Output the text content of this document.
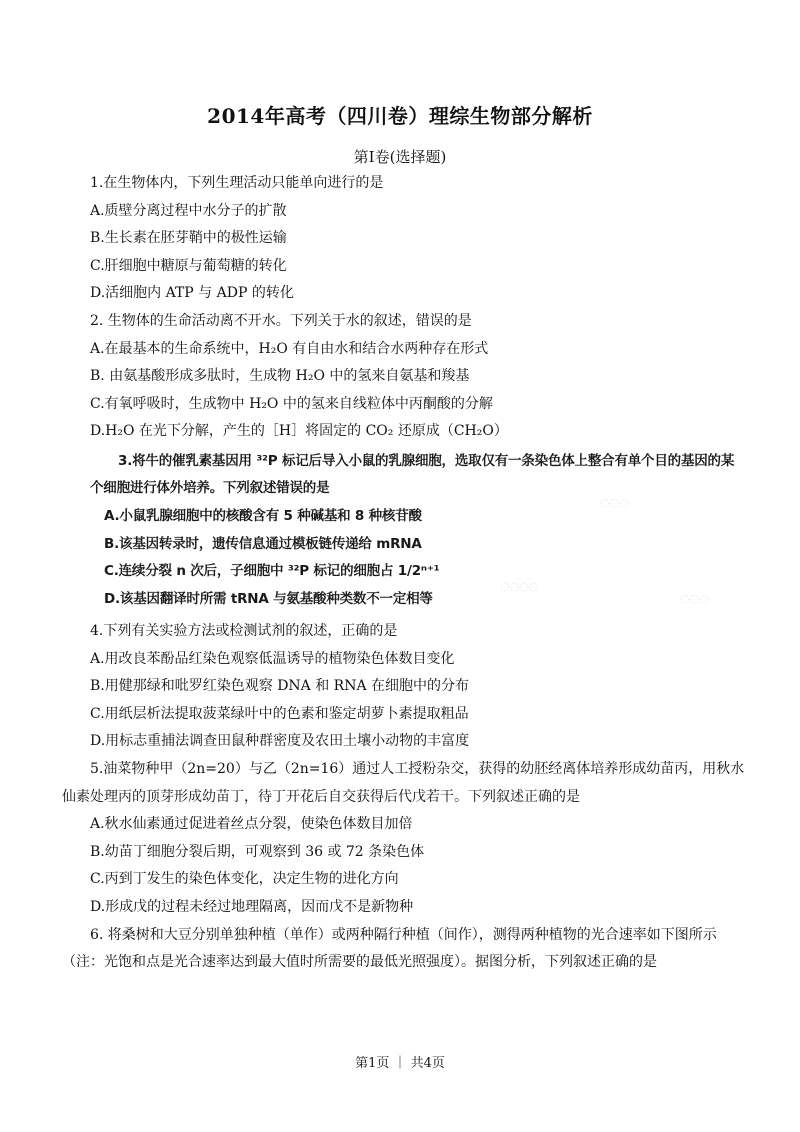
2014年高考（四川卷）理综生物部分解析
第Ⅰ卷(选择题)
1.在生物体内，下列生理活动只能单向进行的是
A.质壁分离过程中水分子的扩散
B.生长素在胚芽鞘中的极性运输
C.肝细胞中糖原与葡萄糖的转化
D.活细胞内 ATP 与 ADP 的转化
2. 生物体的生命活动离不开水。下列关于水的叙述，错误的是
A.在最基本的生命系统中，H₂O 有自由水和结合水两种存在形式
B. 由氨基酸形成多肽时，生成物 H₂O 中的氢来自氨基和羧基
C.有氧呼吸时，生成物中 H₂O 中的氢来自线粒体中丙酮酸的分解
D.H₂O 在光下分解，产生的［H］将固定的 CO₂ 还原成（CH₂O）
3.将牛的催乳素基因用 ³²P 标记后导入小鼠的乳腺细胞，选取仅有一条染色体上整合有单个目的基因的某
个细胞进行体外培养。下列叙述错误的是
A.小鼠乳腺细胞中的核酸含有 5 种碱基和 8 种核苷酸
B.该基因转录时，遗传信息通过模板链传递给 mRNA
C.连续分裂 n 次后，子细胞中 ³²P 标记的细胞占 1/2ⁿ⁺¹
D.该基因翻译时所需 tRNA 与氨基酸种类数不一定相等
◌◌◌
◌◌◌◌
◌◌◌
4.下列有关实验方法或检测试剂的叙述，正确的是
A.用改良苯酚品红染色观察低温诱导的植物染色体数目变化
B.用健那绿和吡罗红染色观察 DNA 和 RNA 在细胞中的分布
C.用纸层析法提取菠菜绿叶中的色素和鉴定胡萝卜素提取粗品
D.用标志重捕法调查田鼠种群密度及农田土壤小动物的丰富度
5.油菜物种甲（2n=20）与乙（2n=16）通过人工授粉杂交，获得的幼胚经离体培养形成幼苗丙，用秋水
仙素处理丙的顶芽形成幼苗丁，待丁开花后自交获得后代戊若干。下列叙述正确的是
A.秋水仙素通过促进着丝点分裂，使染色体数目加倍
B.幼苗丁细胞分裂后期，可观察到 36 或 72 条染色体
C.丙到丁发生的染色体变化，决定生物的进化方向
D.形成戊的过程未经过地理隔离，因而戊不是新物种
6. 将桑树和大豆分别单独种植（单作）或两种隔行种植（间作），测得两种植物的光合速率如下图所示
（注：光饱和点是光合速率达到最大值时所需要的最低光照强度）。据图分析，下列叙述正确的是
第1页 ｜ 共4页
